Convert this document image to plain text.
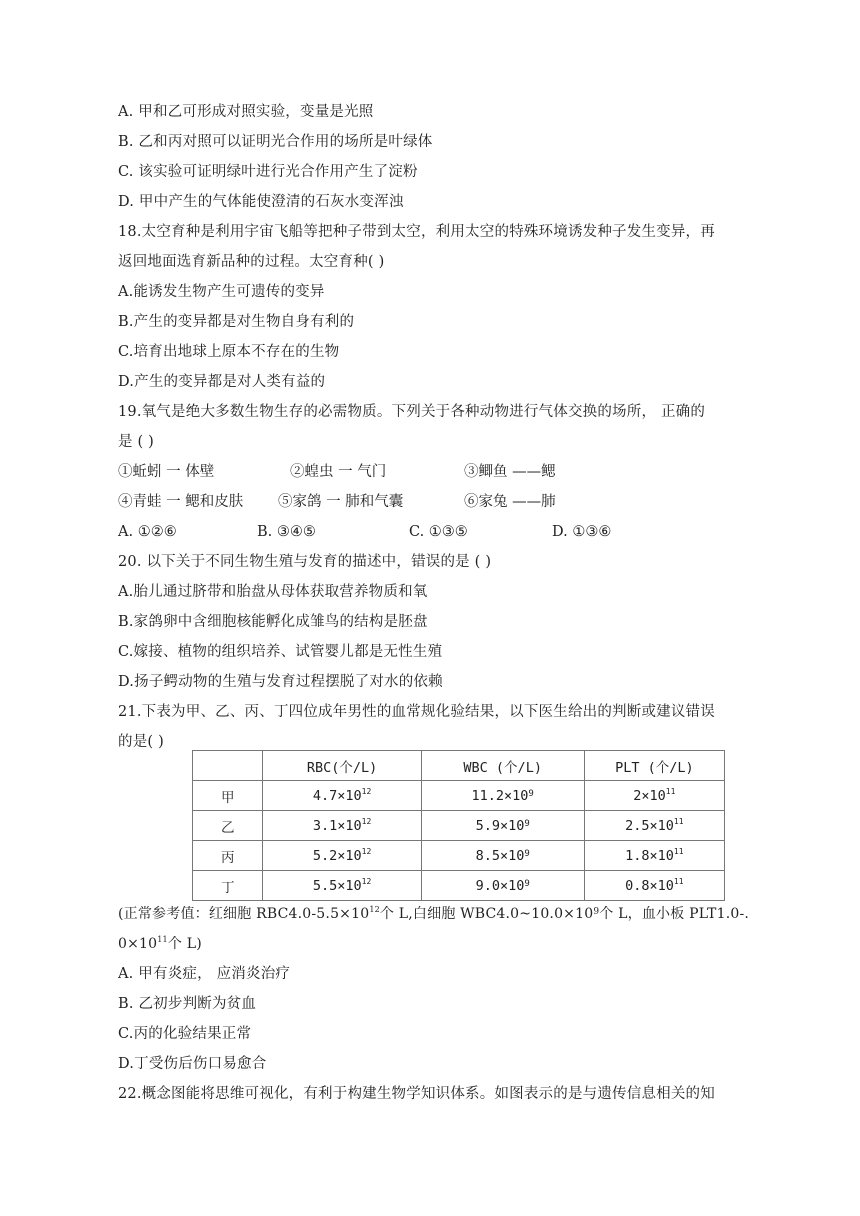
A. 甲和乙可形成对照实验，变量是光照
B. 乙和丙对照可以证明光合作用的场所是叶绿体
C. 该实验可证明绿叶进行光合作用产生了淀粉
D. 甲中产生的气体能使澄清的石灰水变浑浊
18.太空育种是利用宇宙飞船等把种子带到太空，利用太空的特殊环境诱发种子发生变异，再
返回地面选育新品种的过程。太空育种( )
A.能诱发生物产生可遗传的变异
B.产生的变异都是对生物自身有利的
C.培育出地球上原本不存在的生物
D.产生的变异都是对人类有益的
19.氧气是绝大多数生物生存的必需物质。下列关于各种动物进行气体交换的场所， 正确的
是 ( )
①蚯蚓 一 体壁	②蝗虫 一 气门	③鲫鱼 ——鳃
④青蛙 一 鳃和皮肤 ⑤家鸽 一 肺和气囊	⑥家兔 ——肺
A. ①②⑥	B. ③④⑤	C. ①③⑤	D. ①③⑥
20. 以下关于不同生物生殖与发育的描述中，错误的是 ( )
A.胎儿通过脐带和胎盘从母体获取营养物质和氧
B.家鸽卵中含细胞核能孵化成雏鸟的结构是胚盘
C.嫁接、植物的组织培养、试管婴儿都是无性生殖
D.扬子鳄动物的生殖与发育过程摆脱了对水的依赖
21.下表为甲、乙、丙、丁四位成年男性的血常规化验结果，以下医生给出的判断或建议错误
的是( )
	RBC(个/L)	WBC (个/L)	PLT (个/L)
甲	$4.7\times 10^{12}$	$11.2\times 10^9$	$2\times 10^{11}$
乙	$3.1\times 10^{12}$	$5.9\times 10^9$	$2.5\times 10^{11}$
丙	$5.2\times 10^{12}$	$8.5\times 10^9$	$1.8\times 10^{11}$
丁	$5.5\times 10^{12}$	$9.0\times 10^9$	$0.8\times 10^{11}$
(正常参考值：红细胞 $RBC4.0-5.5\times 10^{12}$个 L,白细胞 $WBC4.0\sim 10.0\times 10^9$个 L，血小板 PLT1.0-.
$0\times 10^{11}$个 L)
A. 甲有炎症， 应消炎治疗
B. 乙初步判断为贫血
C.丙的化验结果正常
D.丁受伤后伤口易愈合
22.概念图能将思维可视化，有利于构建生物学知识体系。如图表示的是与遗传信息相关的知
